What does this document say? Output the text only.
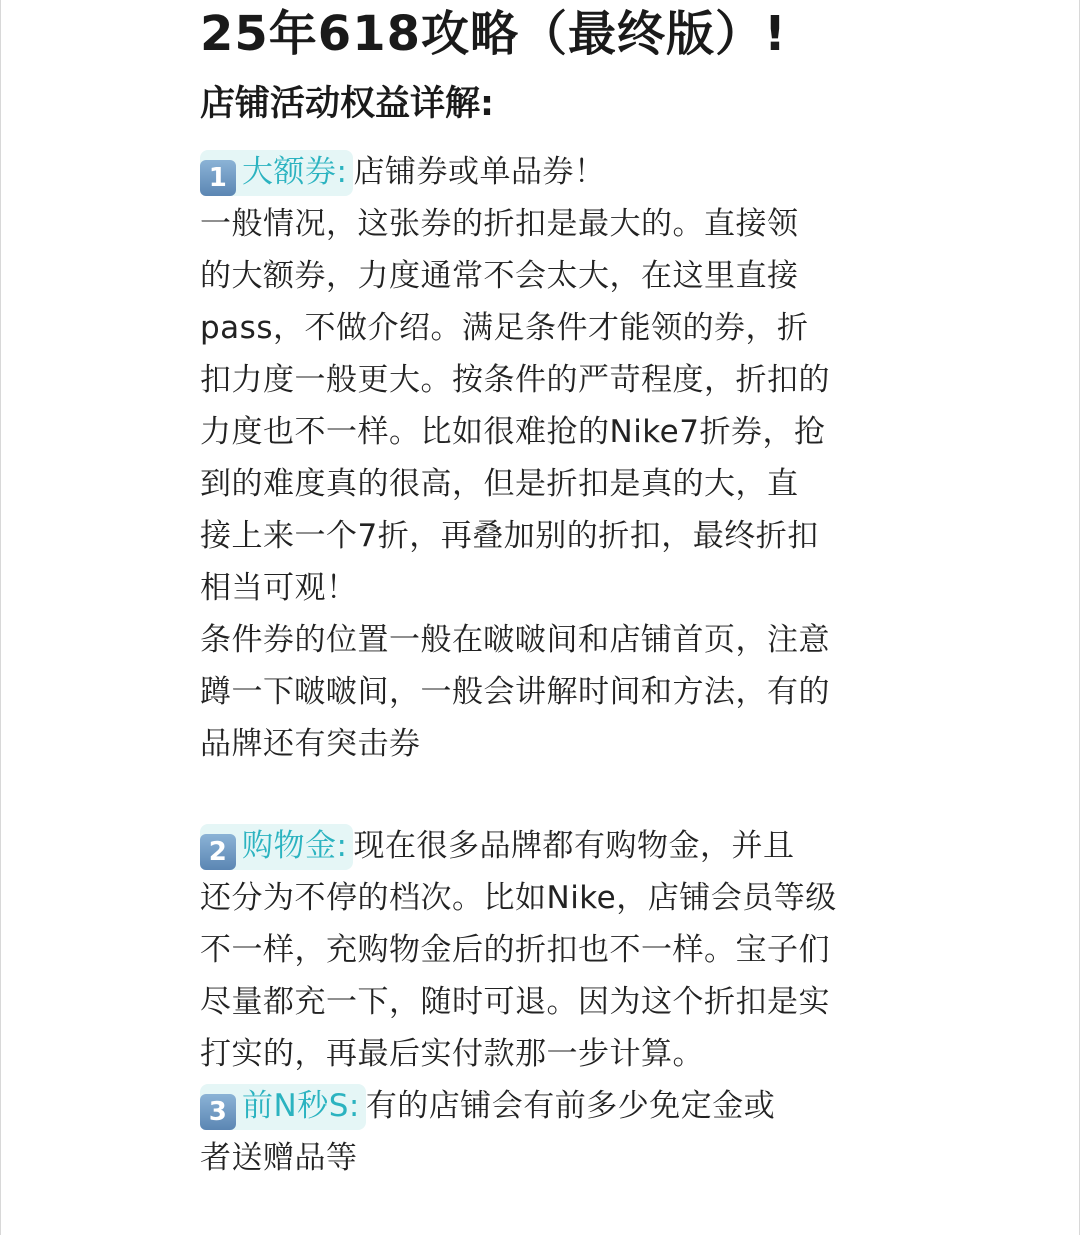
25年618攻略（最终版）!
店铺活动权益详解:

1 大额券: 店铺券或单品券！
一般情况，这张券的折扣是最大的。直接领
的大额券，力度通常不会太大，在这里直接
pass，不做介绍。满足条件才能领的券，折
扣力度一般更大。按条件的严苛程度，折扣的
力度也不一样。比如很难抢的Nike7折券，抢
到的难度真的很高，但是折扣是真的大，直
接上来一个7折，再叠加别的折扣，最终折扣
相当可观！
条件券的位置一般在啵啵间和店铺首页，注意
蹲一下啵啵间，一般会讲解时间和方法，有的
品牌还有突击券

2 购物金: 现在很多品牌都有购物金，并且
还分为不停的档次。比如Nike，店铺会员等级
不一样，充购物金后的折扣也不一样。宝子们
尽量都充一下，随时可退。因为这个折扣是实
打实的，再最后实付款那一步计算。

3 前N秒S: 有的店铺会有前多少免定金或
者送赠品等
